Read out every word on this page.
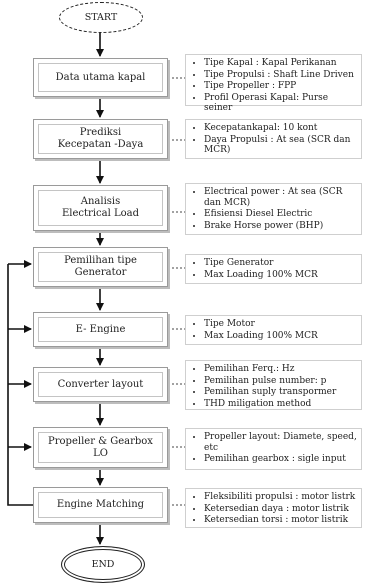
START
Data utama kapal
Prediksi
Kecepatan -Daya
Analisis
Electrical Load
Pemilihan tipe
Generator
E- Engine
Converter layout
Propeller & Gearbox
LO
Engine Matching
END
• Tipe Kapal : Kapal Perikanan
• Tipe Propulsi : Shaft Line Driven
• Tipe Propeller : FPP
• Profil Operasi Kapal: Purse seiner
• Kecepatankapal: 10 kont
• Daya Propulsi : At sea (SCR dan MCR)
• Electrical power : At sea (SCR dan MCR)
• Efisiensi Diesel Electric
• Brake Horse power (BHP)
• Tipe Generator
• Max Loading 100% MCR
• Tipe Motor
• Max Loading 100% MCR
• Pemilihan Ferq.: Hz
• Pemilihan pulse number: p
• Pemilihan suply transpormer
• THD miligation method
• Propeller layout: Diamete, speed, etc
• Pemilihan gearbox : sigle input
• Fleksibiliti propulsi : motor listrk
• Ketersedian daya : motor listrik
• Ketersedian torsi : motor listrik
